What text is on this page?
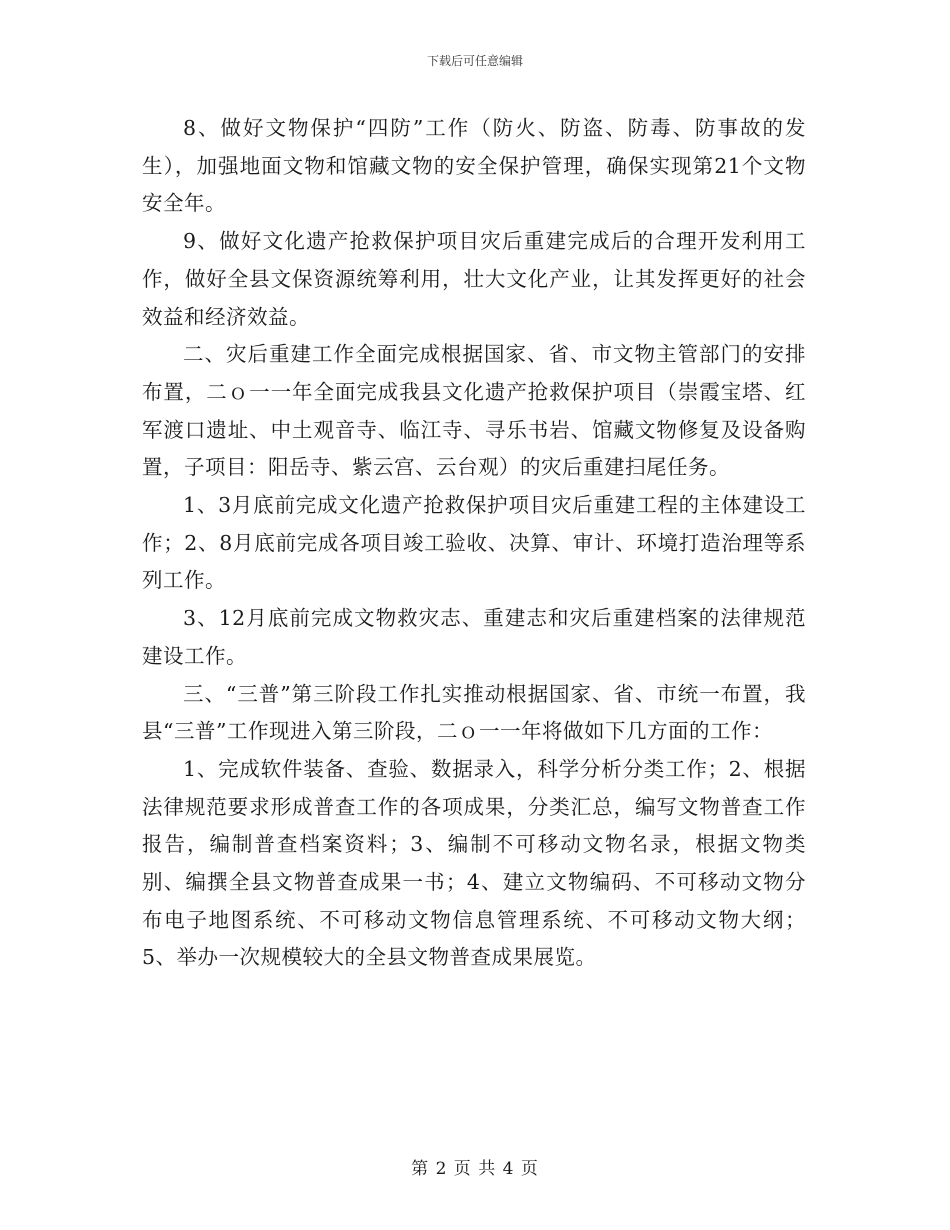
下载后可任意编辑

8、做好文物保护“四防”工作（防火、防盗、防毒、防事故的发生），加强地面文物和馆藏文物的安全保护管理，确保实现第21个文物安全年。

9、做好文化遗产抢救保护项目灾后重建完成后的合理开发利用工作，做好全县文保资源统筹利用，壮大文化产业，让其发挥更好的社会效益和经济效益。

二、灾后重建工作全面完成根据国家、省、市文物主管部门的安排布置，二ｏ一一年全面完成我县文化遗产抢救保护项目（崇霞宝塔、红军渡口遗址、中土观音寺、临江寺、寻乐书岩、馆藏文物修复及设备购置，子项目：阳岳寺、紫云宫、云台观）的灾后重建扫尾任务。

1、3月底前完成文化遗产抢救保护项目灾后重建工程的主体建设工作；2、8月底前完成各项目竣工验收、决算、审计、环境打造治理等系列工作。

3、12月底前完成文物救灾志、重建志和灾后重建档案的法律规范建设工作。

三、“三普”第三阶段工作扎实推动根据国家、省、市统一布置，我县“三普”工作现进入第三阶段，二ｏ一一年将做如下几方面的工作：

1、完成软件装备、查验、数据录入，科学分析分类工作；2、根据法律规范要求形成普查工作的各项成果，分类汇总，编写文物普查工作报告，编制普查档案资料；3、编制不可移动文物名录，根据文物类别、编撰全县文物普查成果一书；4、建立文物编码、不可移动文物分布电子地图系统、不可移动文物信息管理系统、不可移动文物大纲；5、举办一次规模较大的全县文物普查成果展览。

第 2 页 共 4 页
